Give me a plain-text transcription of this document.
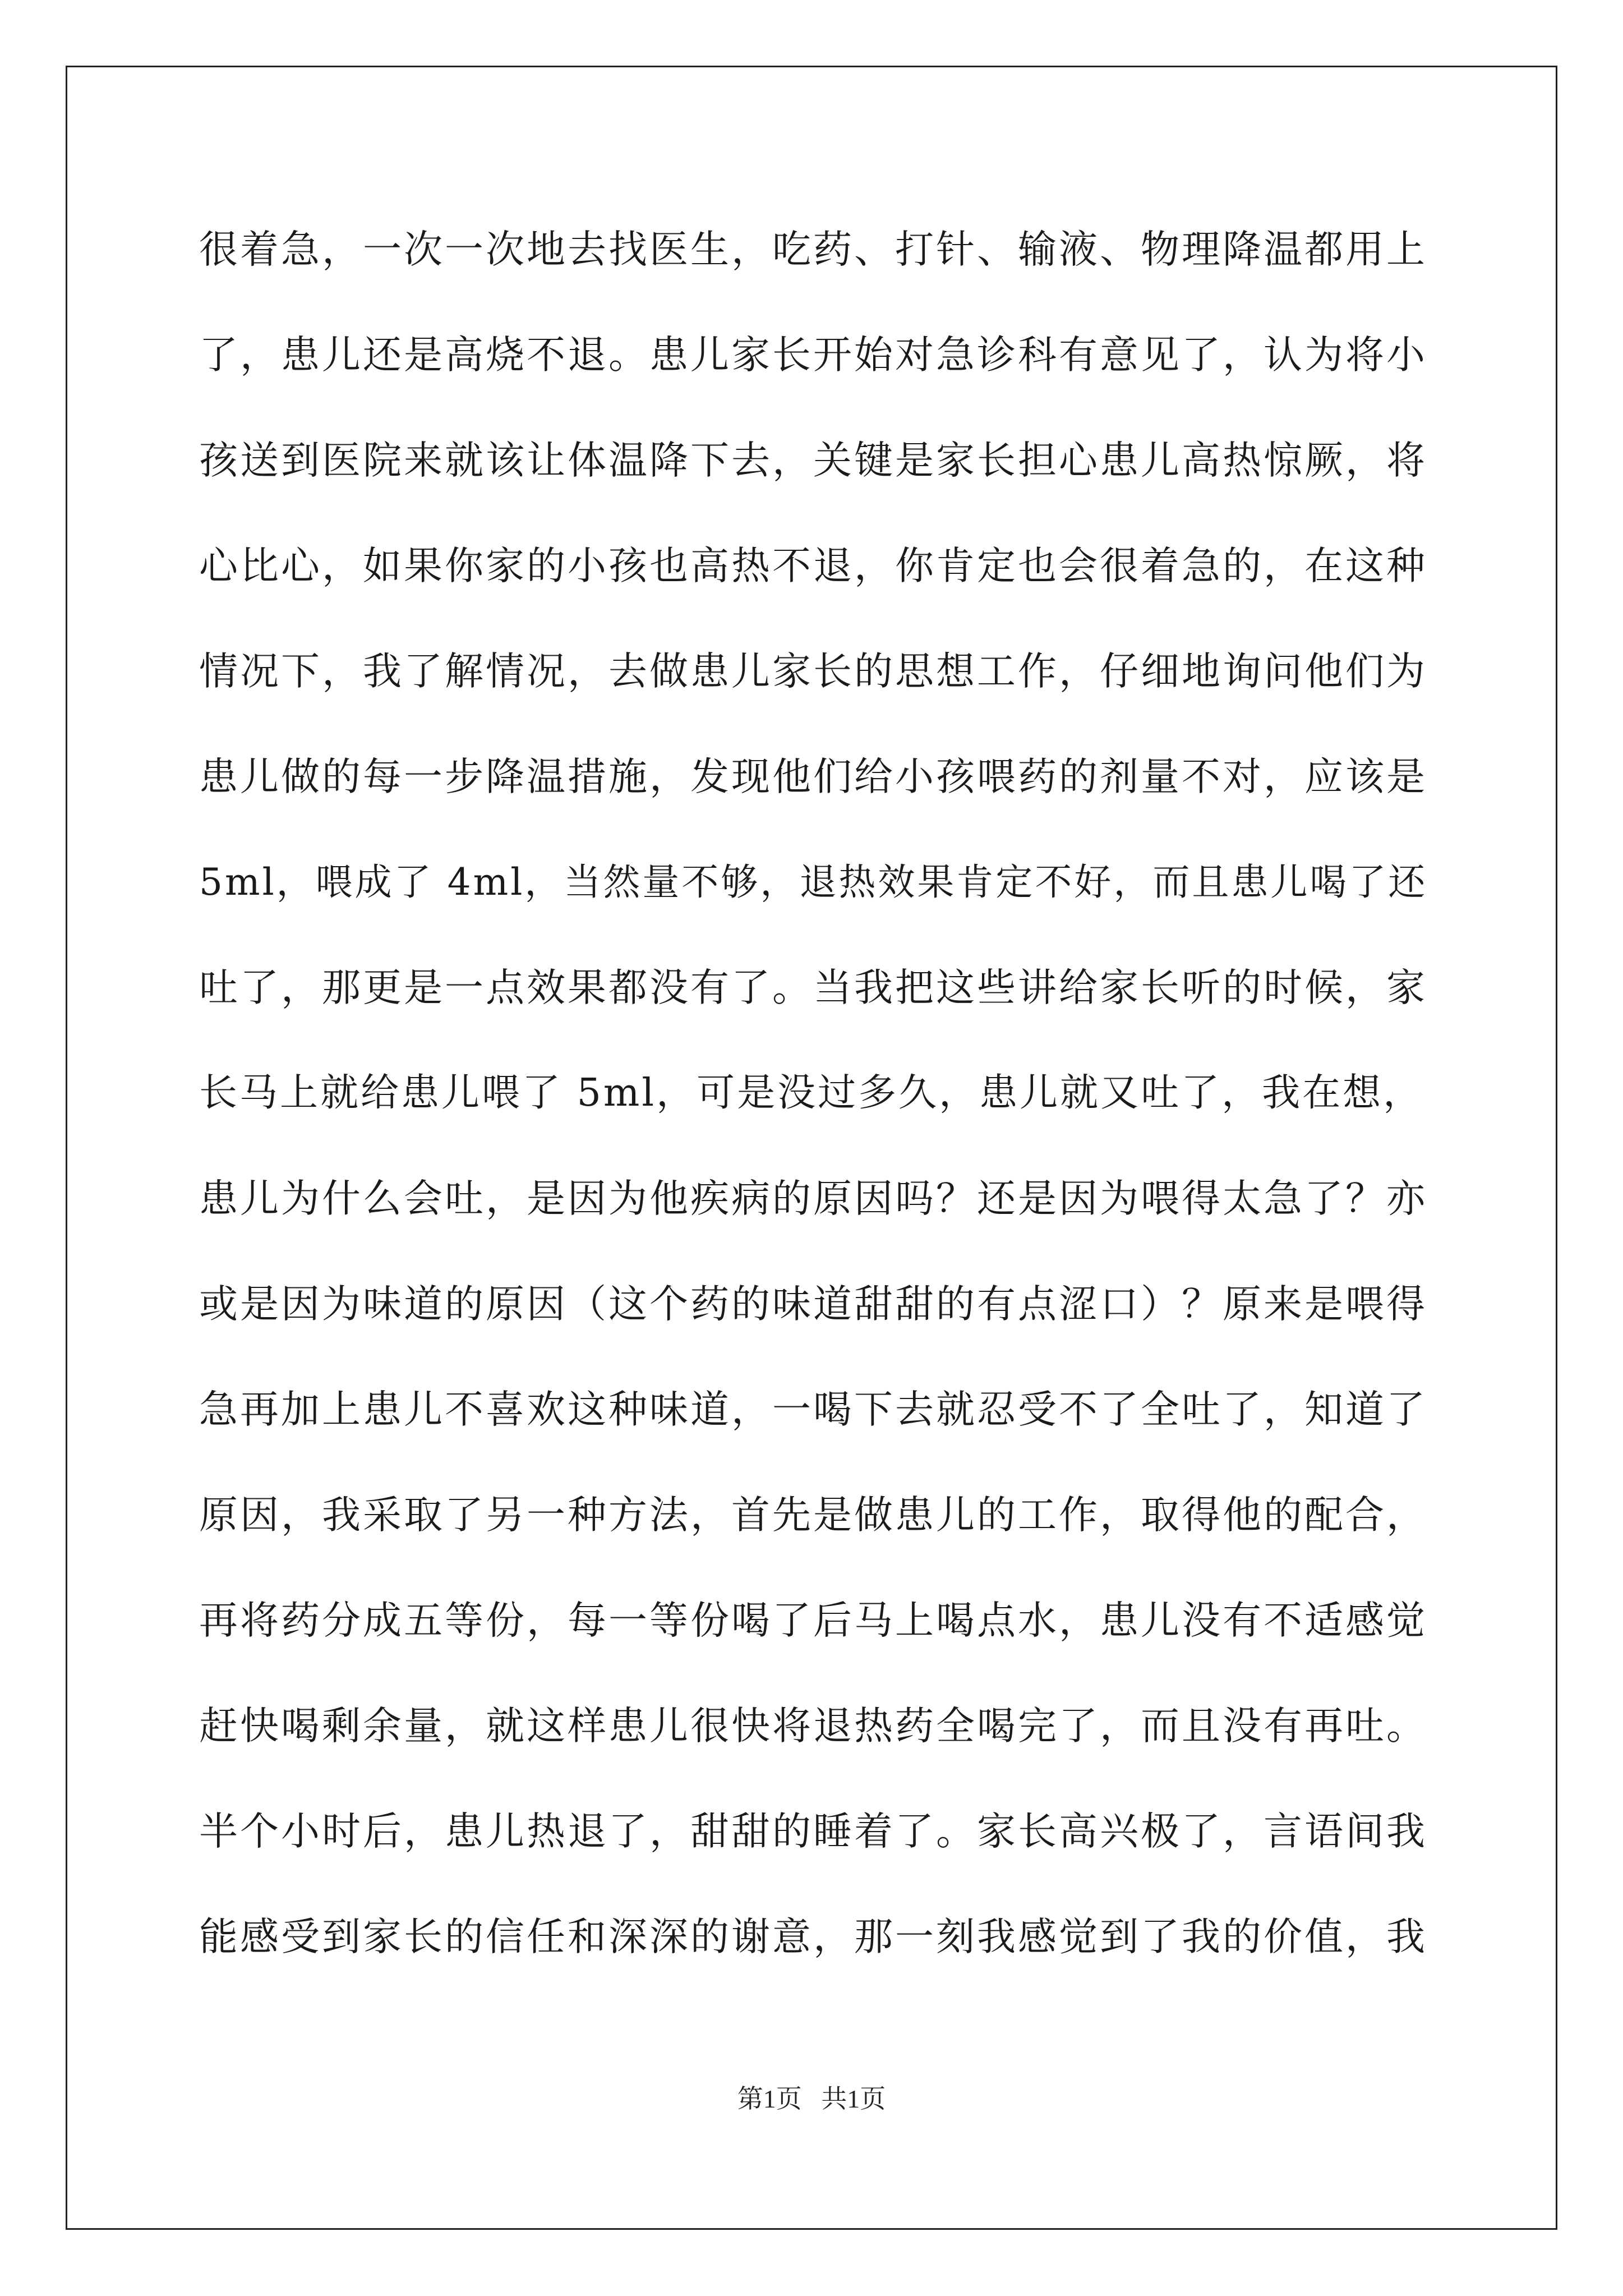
很着急，一次一次地去找医生，吃药、打针、输液、物理降温都用上
了，患儿还是高烧不退。患儿家长开始对急诊科有意见了，认为将小
孩送到医院来就该让体温降下去，关键是家长担心患儿高热惊厥，将
心比心，如果你家的小孩也高热不退，你肯定也会很着急的，在这种
情况下，我了解情况，去做患儿家长的思想工作，仔细地询问他们为
患儿做的每一步降温措施，发现他们给小孩喂药的剂量不对，应该是
5ml，喂成了 4ml，当然量不够，退热效果肯定不好，而且患儿喝了还
吐了，那更是一点效果都没有了。当我把这些讲给家长听的时候，家
长马上就给患儿喂了 5ml，可是没过多久，患儿就又吐了，我在想，
患儿为什么会吐，是因为他疾病的原因吗？还是因为喂得太急了？亦
或是因为味道的原因（这个药的味道甜甜的有点涩口）？原来是喂得
急再加上患儿不喜欢这种味道，一喝下去就忍受不了全吐了，知道了
原因，我采取了另一种方法，首先是做患儿的工作，取得他的配合，
再将药分成五等份，每一等份喝了后马上喝点水，患儿没有不适感觉
赶快喝剩余量，就这样患儿很快将退热药全喝完了，而且没有再吐。
半个小时后，患儿热退了，甜甜的睡着了。家长高兴极了，言语间我
能感受到家长的信任和深深的谢意，那一刻我感觉到了我的价值，我
第1页 共1页
